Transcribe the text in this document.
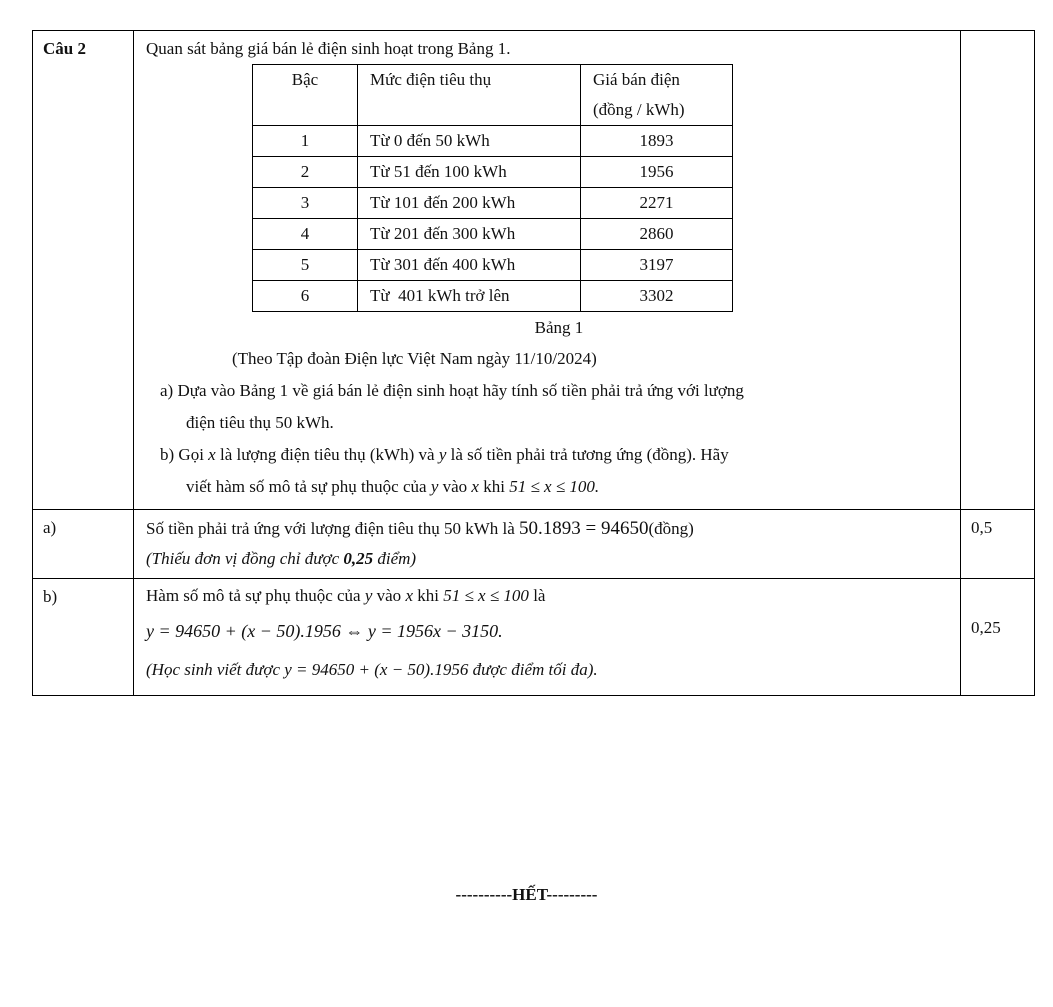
Câu 2	Quan sát bảng giá bán lẻ điện sinh hoạt trong Bảng 1.
Bậc	Mức điện tiêu thụ	Giá bán điện
(đồng / kWh)
1	Từ 0 đến 50 kWh	1893
2	Từ 51 đến 100 kWh	1956
3	Từ 101 đến 200 kWh	2271
4	Từ 201 đến 300 kWh	2860
5	Từ 301 đến 400 kWh	3197
6	Từ  401 kWh trở lên	3302
Bảng 1
(Theo Tập đoàn Điện lực Việt Nam ngày 11/10/2024)
a) Dựa vào Bảng 1 về giá bán lẻ điện sinh hoạt hãy tính số tiền phải trả ứng với lượng
điện tiêu thụ 50 kWh.
b) Gọi x là lượng điện tiêu thụ (kWh) và y là số tiền phải trả tương ứng (đồng). Hãy
viết hàm số mô tả sự phụ thuộc của y vào x khi 51 ≤ x ≤ 100.

a)	Số tiền phải trả ứng với lượng điện tiêu thụ 50 kWh là 50.1893 = 94650(đồng)
(Thiếu đơn vị đồng chỉ được 0,25 điểm)

0,5

b)	Hàm số mô tả sự phụ thuộc của y vào x khi 51 ≤ x ≤ 100 là
y = 94650 + (x − 50).1956 ⇔ y = 1956x − 3150.
(Học sinh viết được y = 94650 + (x − 50).1956 được điểm tối đa).

0,25
----------HẾT---------
